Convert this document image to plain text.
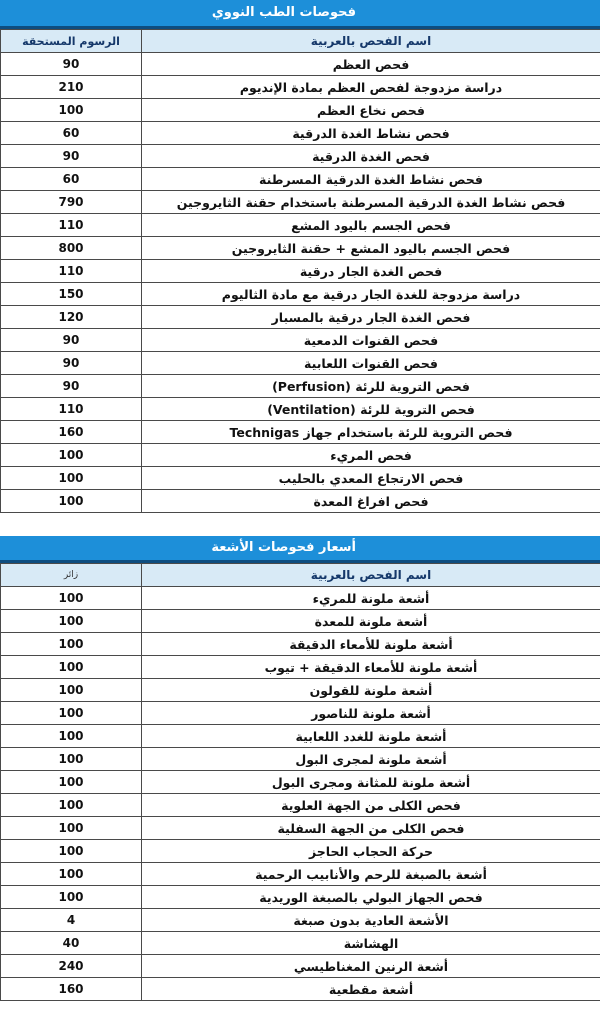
فحوصات الطب النووي
الرسوم المستحقة	اسم الفحص بالعربية
90	فحص العظم
210	دراسة مزدوجة لفحص العظم بمادة الإنديوم
100	فحص نخاع العظم
60	فحص نشاط الغدة الدرقية
90	فحص الغدة الدرقية
60	فحص نشاط الغدة الدرقية المسرطنة
790	فحص نشاط الغدة الدرقية المسرطنة باستخدام حقنة الثايروجين
110	فحص الجسم باليود المشع
800	فحص الجسم باليود المشع + حقنة الثايروجين
110	فحص الغدة الجار درقية
150	دراسة مزدوجة للغدة الجار درقية مع مادة الثاليوم
120	فحص الغدة الجار درقية بالمسبار
90	فحص القنوات الدمعية
90	فحص القنوات اللعابية
90	فحص التروية للرئة (Perfusion)
110	فحص التروية للرئة (Ventilation)
160	فحص التروية للرئة باستخدام جهاز Technigas
100	فحص المريء
100	فحص الارتجاع المعدي بالحليب
100	فحص افراغ المعدة
أسعار فحوصات الأشعة
زائر	اسم الفحص بالعربية
100	أشعة ملونة للمريء
100	أشعة ملونة للمعدة
100	أشعة ملونة للأمعاء الدقيقة
100	أشعة ملونة للأمعاء الدقيقة + تيوب
100	أشعة ملونة للقولون
100	أشعة ملونة للناصور
100	أشعة ملونة للغدد اللعابية
100	أشعة ملونة لمجرى البول
100	أشعة ملونة للمثانة ومجرى البول
100	فحص الكلى من الجهة العلوية
100	فحص الكلى من الجهة السفلية
100	حركة الحجاب الحاجز
100	أشعة بالصبغة للرحم والأنابيب الرحمية
100	فحص الجهاز البولي بالصبغة الوريدية
4	الأشعة العادية بدون صبغة
40	الهشاشة
240	أشعة الرنين المغناطيسي
160	أشعة مقطعية
